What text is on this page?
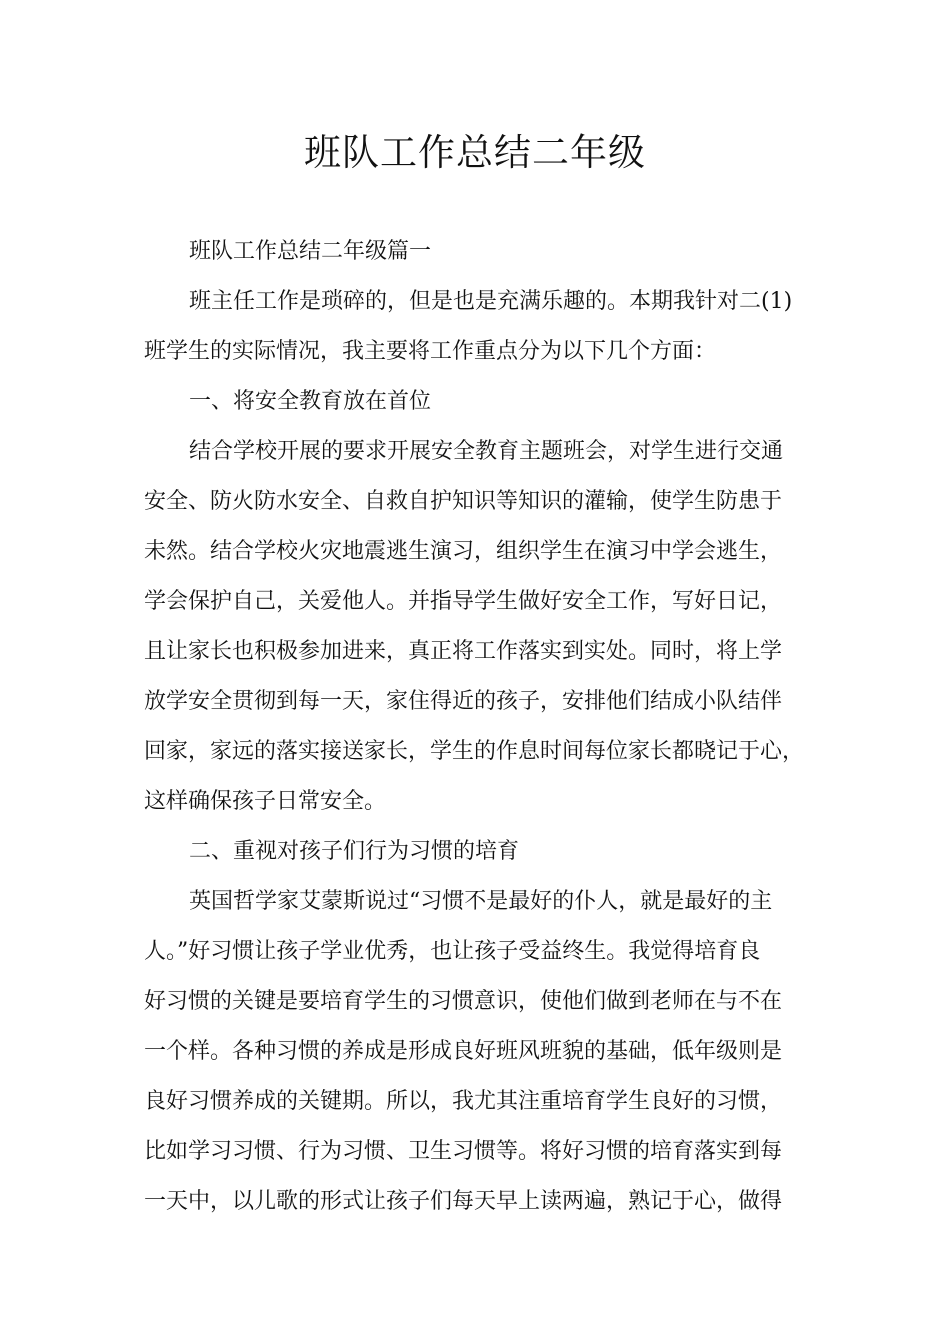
班队工作总结二年级
班队工作总结二年级篇一
班主任工作是琐碎的，但是也是充满乐趣的。本期我针对二(1)
班学生的实际情况，我主要将工作重点分为以下几个方面：
一、将安全教育放在首位
结合学校开展的要求开展安全教育主题班会，对学生进行交通
安全、防火防水安全、自救自护知识等知识的灌输，使学生防患于
未然。结合学校火灾地震逃生演习，组织学生在演习中学会逃生，
学会保护自己，关爱他人。并指导学生做好安全工作，写好日记，
且让家长也积极参加进来，真正将工作落实到实处。同时，将上学
放学安全贯彻到每一天，家住得近的孩子，安排他们结成小队结伴
回家，家远的落实接送家长，学生的作息时间每位家长都晓记于心，
这样确保孩子日常安全。
二、重视对孩子们行为习惯的培育
英国哲学家艾蒙斯说过“习惯不是最好的仆人，就是最好的主
人。”好习惯让孩子学业优秀，也让孩子受益终生。我觉得培育良
好习惯的关键是要培育学生的习惯意识，使他们做到老师在与不在
一个样。各种习惯的养成是形成良好班风班貌的基础，低年级则是
良好习惯养成的关键期。所以，我尤其注重培育学生良好的习惯，
比如学习习惯、行为习惯、卫生习惯等。将好习惯的培育落实到每
一天中，以儿歌的形式让孩子们每天早上读两遍，熟记于心，做得
